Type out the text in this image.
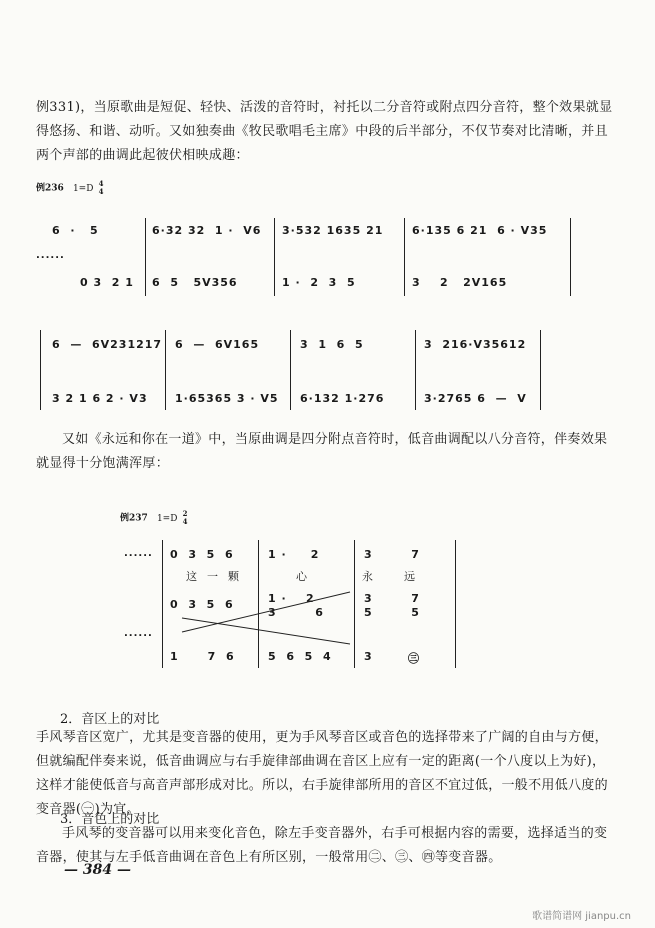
例331)，当原歌曲是短促、轻快、活泼的音符时，衬托以二分音符或附点四分音符，整个效果就显得悠扬、和谐、动听。又如独奏曲《牧民歌唱毛主席》中段的后半部分，不仅节奏对比清晰，并且两个声部的曲调此起彼伏相映成趣：
例236 1=D 4
4
......
6  ·   5	6·32 32  1 ·  V6 3·532 1635 21	6·135 6 21  6 · V35
0 3  2 1 6  5   5V356	1 ·  2  3  5	3    2   2V165
6  —  6V231217 6  —  6V165	3  1  6  5	3  216·V35612
3 2 1 6 2 · V3 1·65365 3 · V5 6·132 1·276	3·2765 6  —  V
又如《永远和你在一道》中，当原曲调是四分附点音符时，低音曲调配以八分音符，伴奏效果就显得十分饱满浑厚：
例237 1=D 2
4
......
......
0  3  5  6	1 ·     2	3        7
这  一  颗	心	永	远
0  3  5  6	1 ·    2	3        7
3        6	5        5
1      7  6	5  6  5  4	3	㊂
2．音区上的对比
手风琴音区宽广，尤其是变音器的使用，更为手风琴音区或音色的选择带来了广阔的自由与方便，但就编配伴奏来说，低音曲调应与右手旋律部曲调在音区上应有一定的距离(一个八度以上为好)，这样才能使低音与高音声部形成对比。所以，右手旋律部所用的音区不宜过低，一般不用低八度的变音器(㊀)为宜。
3．音色上的对比
手风琴的变音器可以用来变化音色，除左手变音器外，右手可根据内容的需要，选择适当的变音器，使其与左手低音曲调在音色上有所区别，一般常用㊁、㊂、㊃等变音器。
— 384 —
歌谱简谱网 jianpu.cn
